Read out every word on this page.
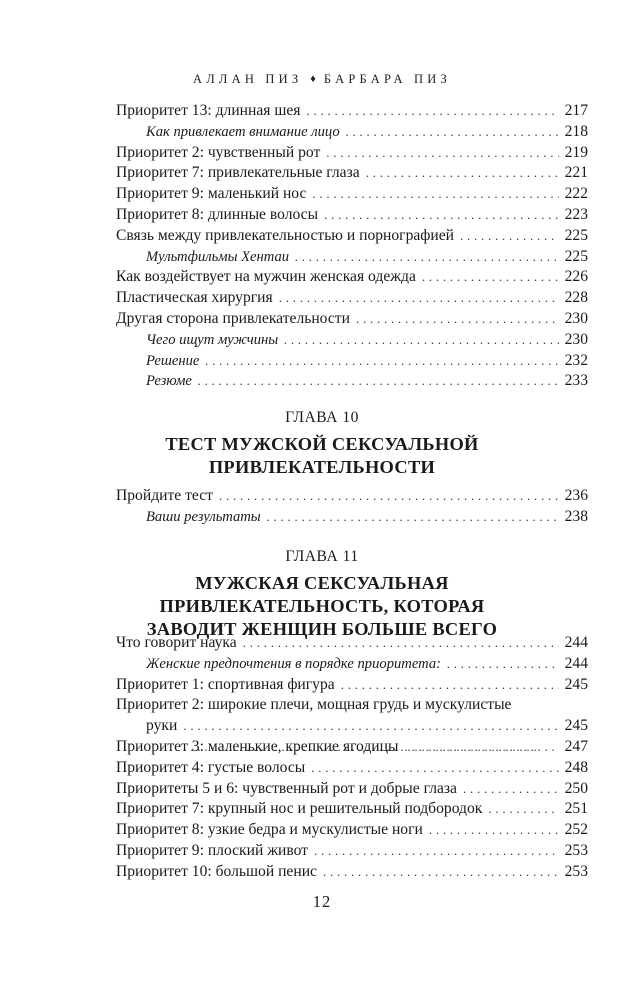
АЛЛАН ПИЗ ♦ БАРБАРА ПИЗ
Приоритет 13: длинная шея . . .	217
Как привлекает внимание лицо . . .	218
Приоритет 2: чувственный рот . . .	219
Приоритет 7: привлекательные глаза . . .	221
Приоритет 9: маленький нос . . .	222
Приоритет 8: длинные волосы . . .	223
Связь между привлекательностью и порнографией . . .	225
Мультфильмы Хентаи . . .	225
Как воздействует на мужчин женская одежда . . .	226
Пластическая хирургия . . .	228
Другая сторона привлекательности . . .	230
Чего ищут мужчины . . .	230
Решение . . .	232
Резюме . . .	233
ГЛАВА 10
ТЕСТ МУЖСКОЙ СЕКСУАЛЬНОЙ
ПРИВЛЕКАТЕЛЬНОСТИ
Пройдите тест . . .	236
Ваши результаты . . .	238
ГЛАВА 11
МУЖСКАЯ СЕКСУАЛЬНАЯ
ПРИВЛЕКАТЕЛЬНОСТЬ, КОТОРАЯ
ЗАВОДИТ ЖЕНЩИН БОЛЬШЕ ВСЕГО
Что говорит наука . . .	244
Женские предпочтения в порядке приоритета: . . .	244
Приоритет 1: спортивная фигура . . .	245
Приоритет 2: широкие плечи, мощная грудь и мускулистые
руки . . .	245
Приоритет 3: маленькие, крепкие ягодицы . . .	247
Приоритет 4: густые волосы . . .	248
Приоритеты 5 и 6: чувственный рот и добрые глаза . . .	250
Приоритет 7: крупный нос и решительный подбородок . . .	251
Приоритет 8: узкие бедра и мускулистые ноги . . .	252
Приоритет 9: плоский живот . . .	253
Приоритет 10: большой пенис . . .	253
12
